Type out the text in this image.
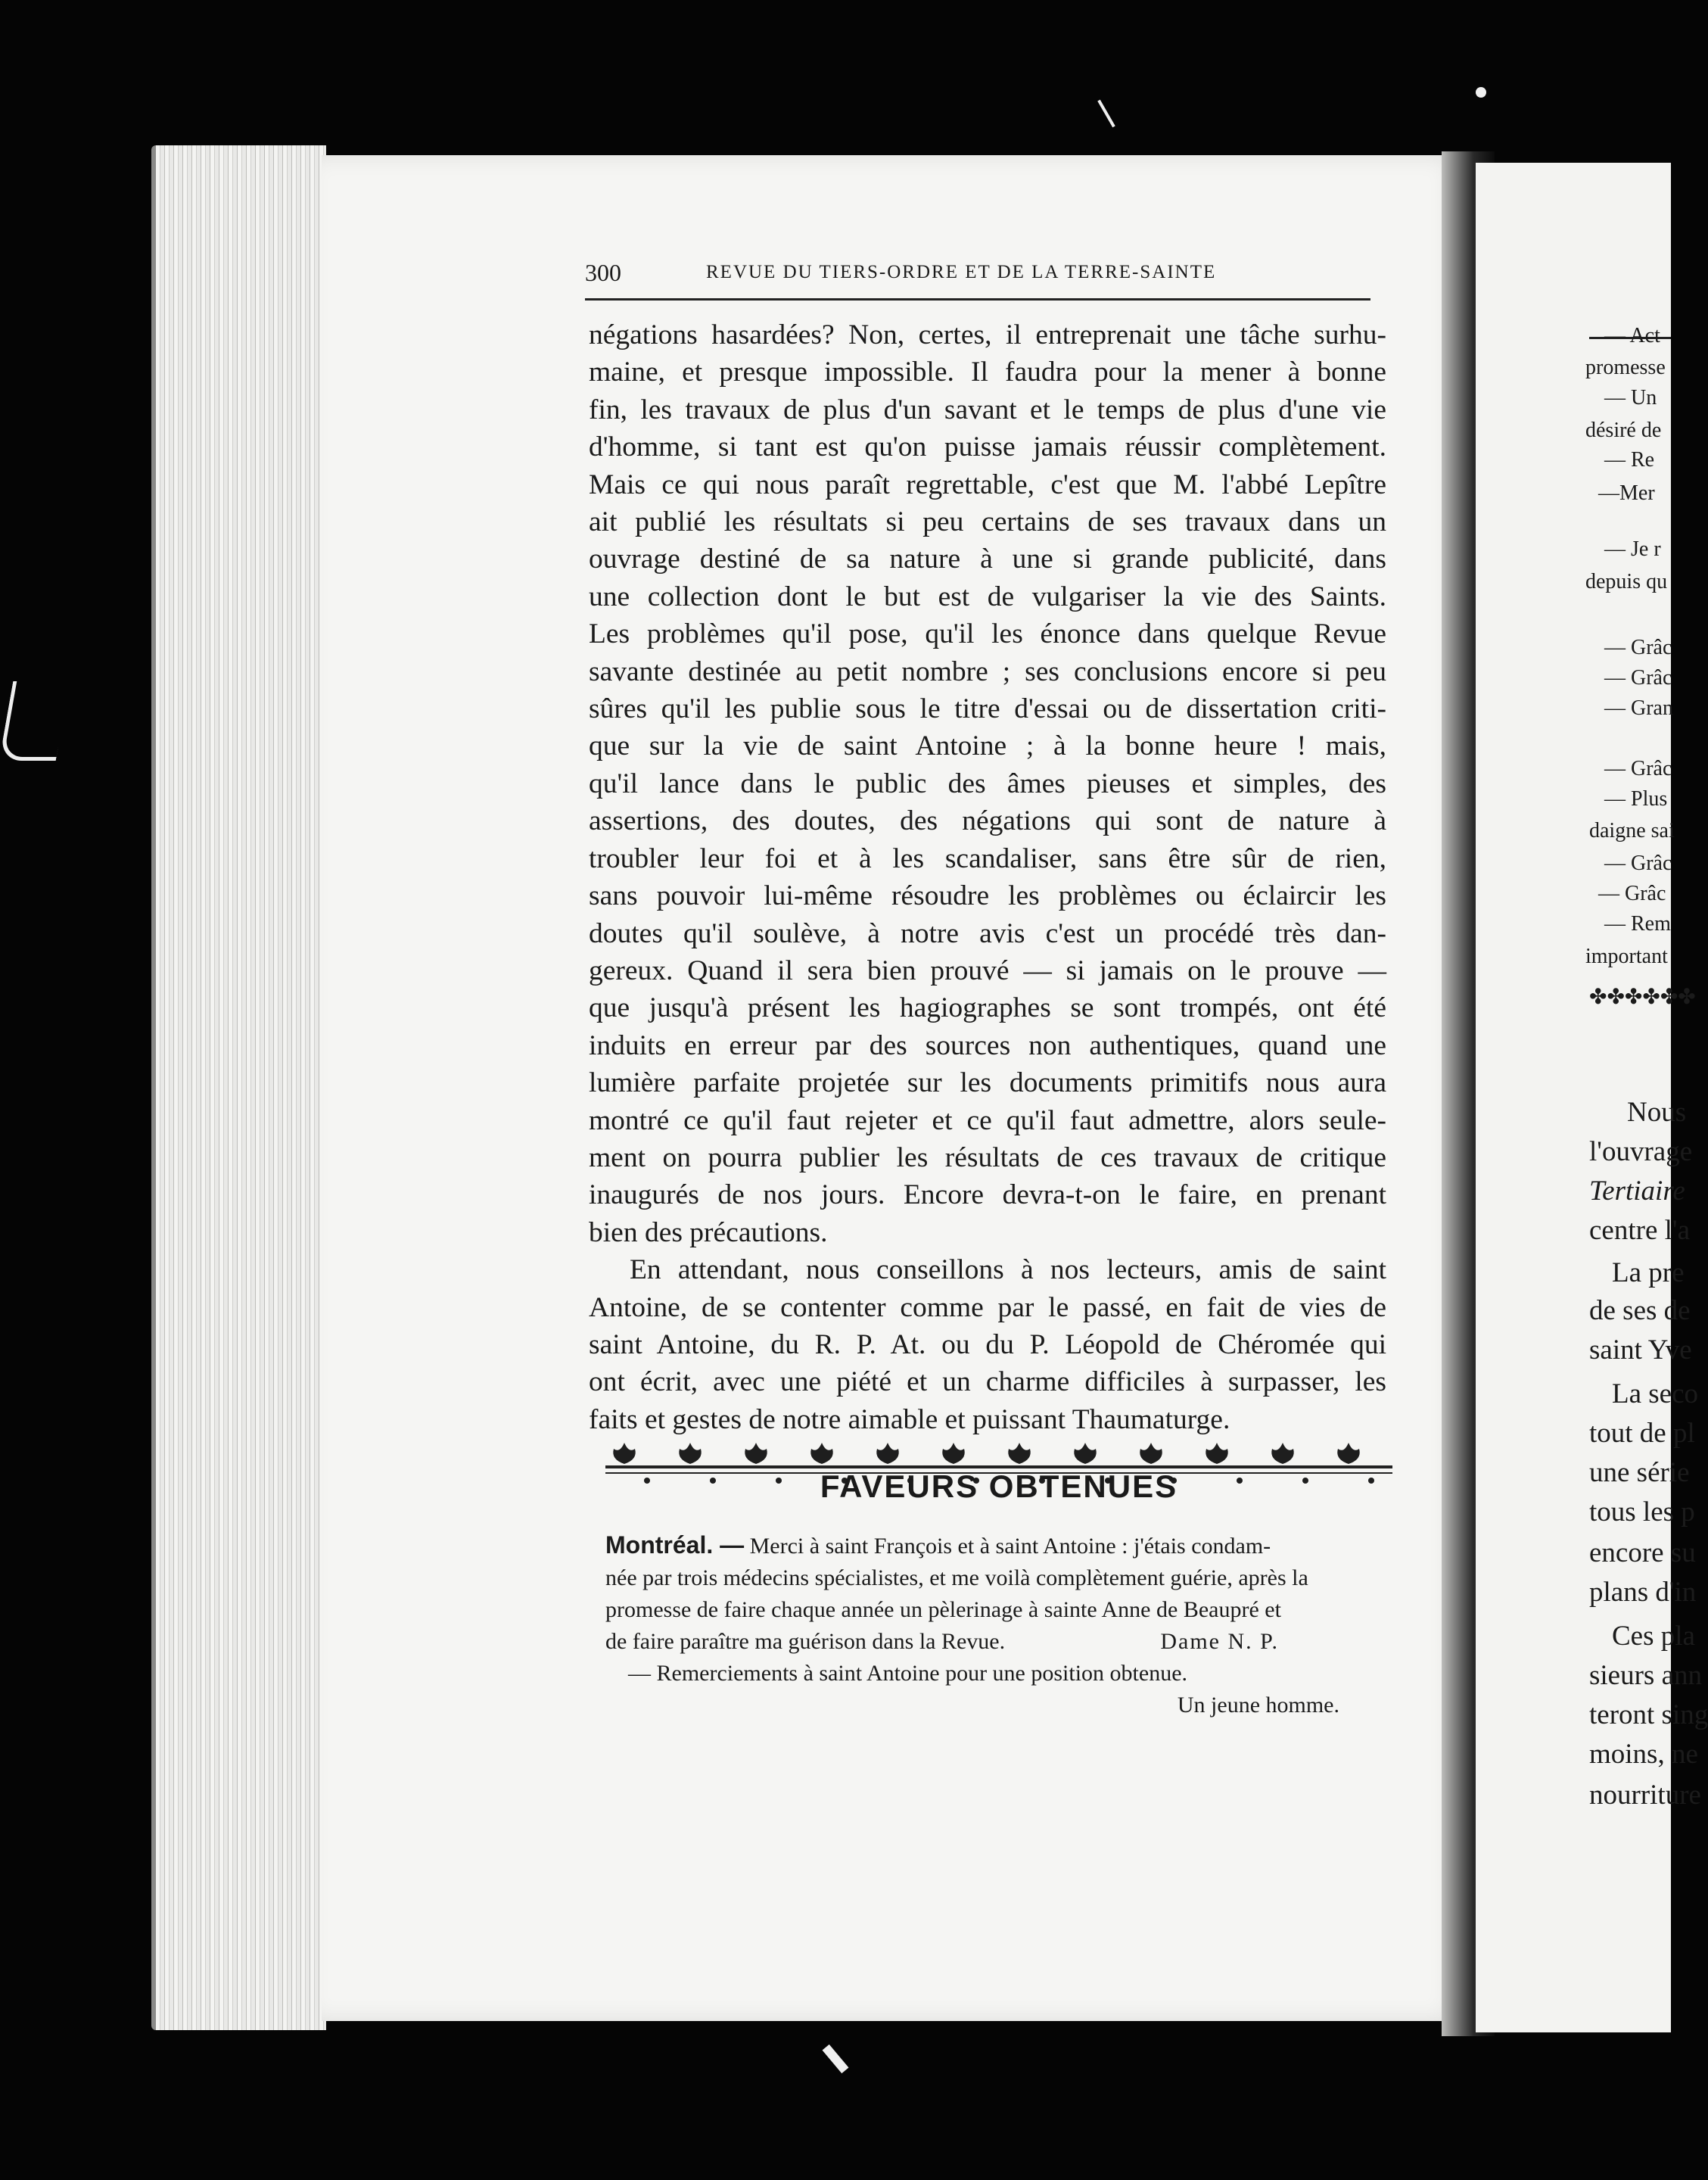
300	REVUE DU TIERS-ORDRE ET DE LA TERRE-SAINTE
négations hasardées? Non, certes, il entreprenait une tâche surhu-
maine, et presque impossible. Il faudra pour la mener à bonne
fin, les travaux de plus d'un savant et le temps de plus d'une vie
d'homme, si tant est qu'on puisse jamais réussir complètement.
Mais ce qui nous paraît regrettable, c'est que M. l'abbé Lepître
ait publié les résultats si peu certains de ses travaux dans un
ouvrage destiné de sa nature à une si grande publicité, dans
une collection dont le but est de vulgariser la vie des Saints.
Les problèmes qu'il pose, qu'il les énonce dans quelque Revue
savante destinée au petit nombre ; ses conclusions encore si peu
sûres qu'il les publie sous le titre d'essai ou de dissertation criti-
que sur la vie de saint Antoine ; à la bonne heure ! mais,
qu'il lance dans le public des âmes pieuses et simples, des
assertions, des doutes, des négations qui sont de nature à
troubler leur foi et à les scandaliser, sans être sûr de rien,
sans pouvoir lui-même résoudre les problèmes ou éclaircir les
doutes qu'il soulève, à notre avis c'est un procédé très dan-
gereux. Quand il sera bien prouvé — si jamais on le prouve —
que jusqu'à présent les hagiographes se sont trompés, ont été
induits en erreur par des sources non authentiques, quand une
lumière parfaite projetée sur les documents primitifs nous aura
montré ce qu'il faut rejeter et ce qu'il faut admettre, alors seule-
ment on pourra publier les résultats de ces travaux de critique
inaugurés de nos jours. Encore devra-t-on le faire, en prenant
bien des précautions.
En attendant, nous conseillons à nos lecteurs, amis de saint
Antoine, de se contenter comme par le passé, en fait de vies de
saint Antoine, du R. P. At. ou du P. Léopold de Chéromée qui
ont écrit, avec une piété et un charme difficiles à surpasser, les
faits et gestes de notre aimable et puissant Thaumaturge.
FAVEURS OBTENUES
Montréal. — Merci à saint François et à saint Antoine : j'étais condam-
née par trois médecins spécialistes, et me voilà complètement guérie, après la
promesse de faire chaque année un pèlerinage à sainte Anne de Beaupré et
de faire paraître ma guérison dans la Revue.	Dame N. P.
— Remerciements à saint Antoine pour une position obtenue.
Un jeune homme.
— Act
promesse
— Un
désiré de
— Re
—Mer
— Je r
depuis qu
— Grâc
— Grâc
— Gran
— Grâc
— Plus
daigne sai
— Grâc
— Grâc
— Rem
important
✤✤✤✤✤✤
Nous
l'ouvrage
Tertiaire
centre l'a
La pre
de ses de
saint Yve
La seco
tout de pl
une série
tous les p
encore su
plans d'in
Ces pla
sieurs ann
teront sing
moins, ne
nourriture
